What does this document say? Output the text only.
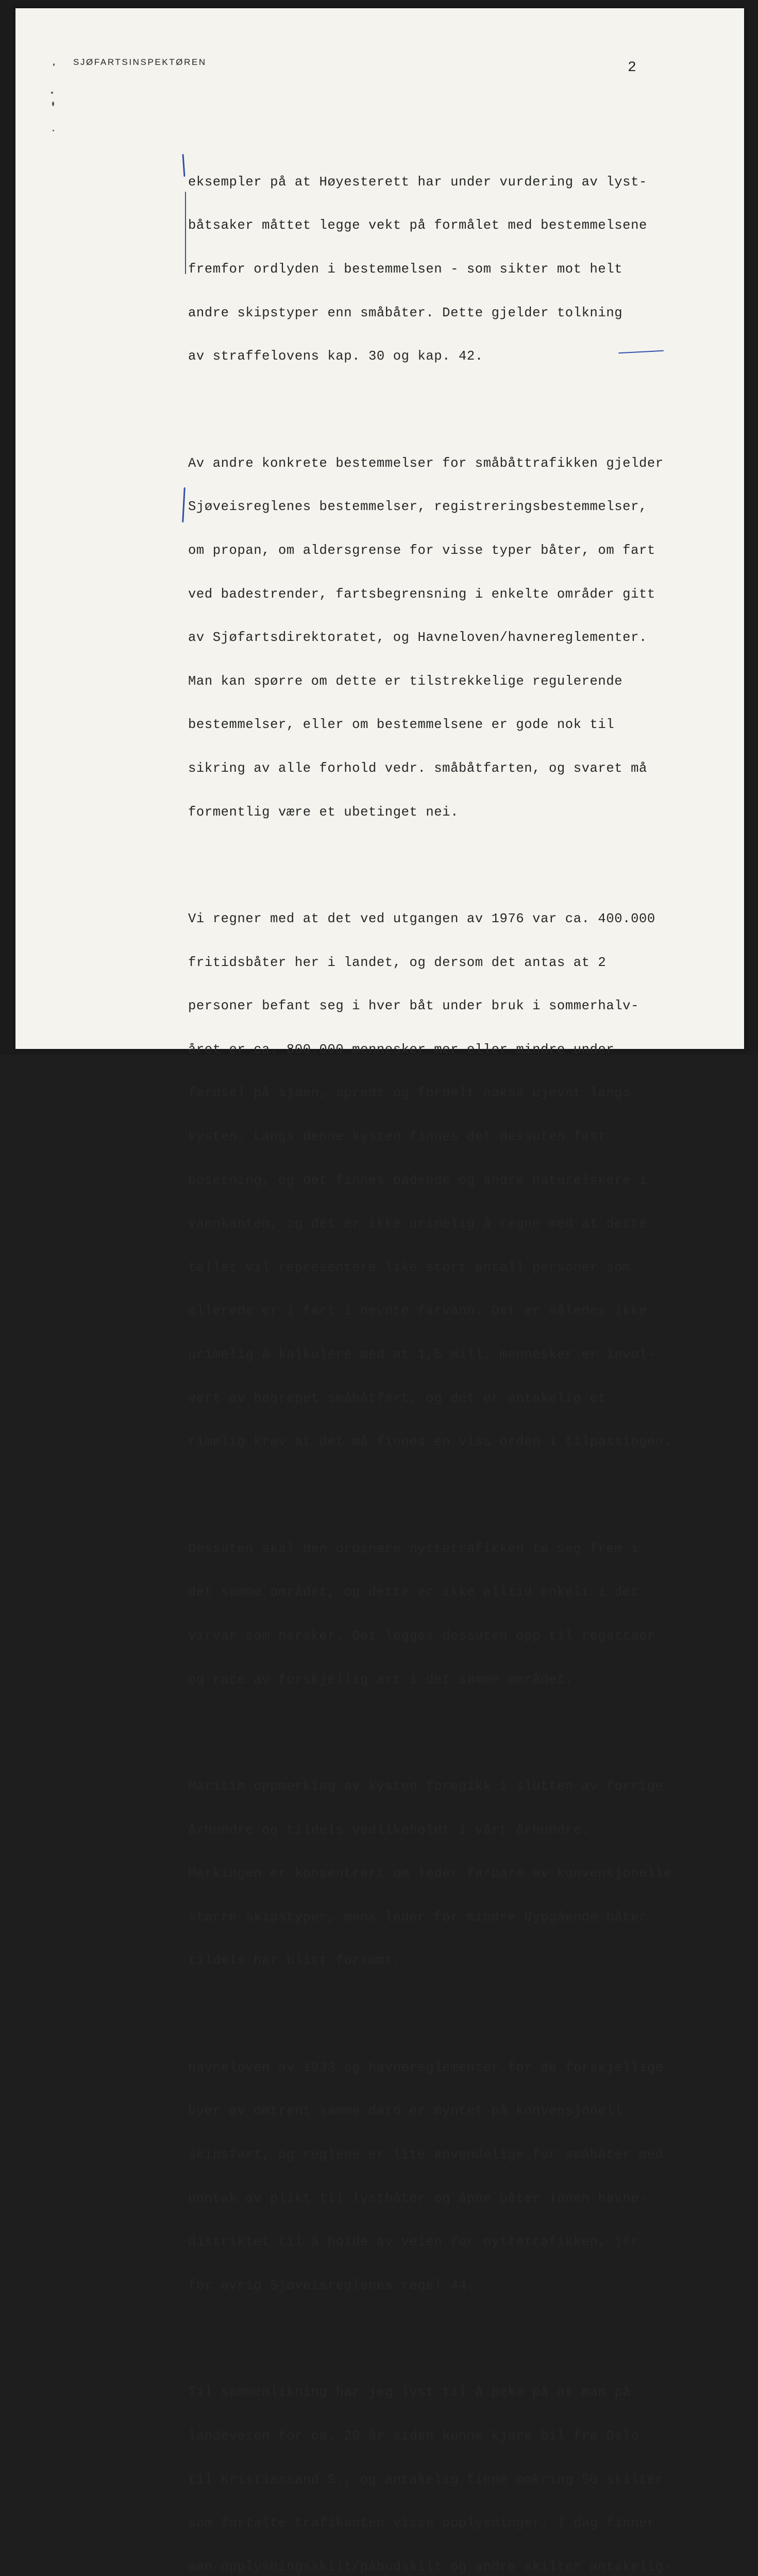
SJØFARTSINSPEKTØREN	2

eksempler på at Høyesterett har under vurdering av lyst-

båtsaker måttet legge vekt på formålet med bestemmelsene

fremfor ordlyden i bestemmelsen - som sikter mot helt

andre skipstyper enn småbåter. Dette gjelder tolkning

av straffelovens kap. 30 og kap. 42.

Av andre konkrete bestemmelser for småbåttrafikken gjelder

Sjøveisreglenes bestemmelser, registreringsbestemmelser,

om propan, om aldersgrense for visse typer båter, om fart

ved badestrender, fartsbegrensning i enkelte områder gitt

av Sjøfartsdirektoratet, og Havneloven/havnereglementer.

Man kan spørre om dette er tilstrekkelige regulerende

bestemmelser, eller om bestemmelsene er gode nok til

sikring av alle forhold vedr. småbåtfarten, og svaret må

formentlig være et ubetinget nei.

Vi regner med at det ved utgangen av 1976 var ca. 400.000

fritidsbåter her i landet, og dersom det antas at 2

personer befant seg i hver båt under bruk i sommerhalv-

året er ca. 800.000 mennesker mer eller mindre under

ferdsel på sjøen, spredt og fordelt nokså ujevnt langs

kysten. Langs denne kysten finnes det dessuten fast

bosetning, og det finnes badende og andre naturelskere i

vannkanten, og det er ikke urimelig å regne med at dette

tallet vil representere like stort antall personer som

allerede er i fart i nevnte farvann. Det er således ikke

urimelig å kalkulere med at 1,5 mill. mennesker er invol-

vert av begrepet småbåtfart, og det er antakelig et

rimelig krav at det må finnes en viss orden i tilpassingen.

Dessuten skal den ordinære nyttetrafikken ta seg frem i

det samme området, og dette er ikke alltid enkelt i det

virvar som hersker. Det legges dessuten opp til regattaer

og race av forskjellig art i det samme området.

Maritim oppmerking av kysten foregikk i slutten av forrige

århundre og tildels vedlikeholdt i vårt århundre.

Merkingen er konsentrert om leder farbare av konvensjonelle

større skipstyper, mens leder for mindre dypgående båter

tildels har blitt forsømt.

Havneloven av 1933 og havnereglementer for de forskjellige

byer av omtrent samme dato er myntet på konvensjonell

skipsfart, og reglene er lite anvendelige for småbåter med

unntak av plikt til lystbåter og åpne båter innen havne-

distriktet til å holde av veien for nyttetrafikken, jfr.

for øvrig Sjøveisreglenes regel 44.

Til sammenlikning har jeg lyst til å peke på at man på

landeveien for ca. 20 år siden kunne kjøre bil fra Oslo

til Kristiansand S., og antakelig finne omkring 50 skilter

som fortalte trafikanten visse opplysninger. I dag finner

man opplysningsskilt/påbudskilt og andre skilter antakelig-
